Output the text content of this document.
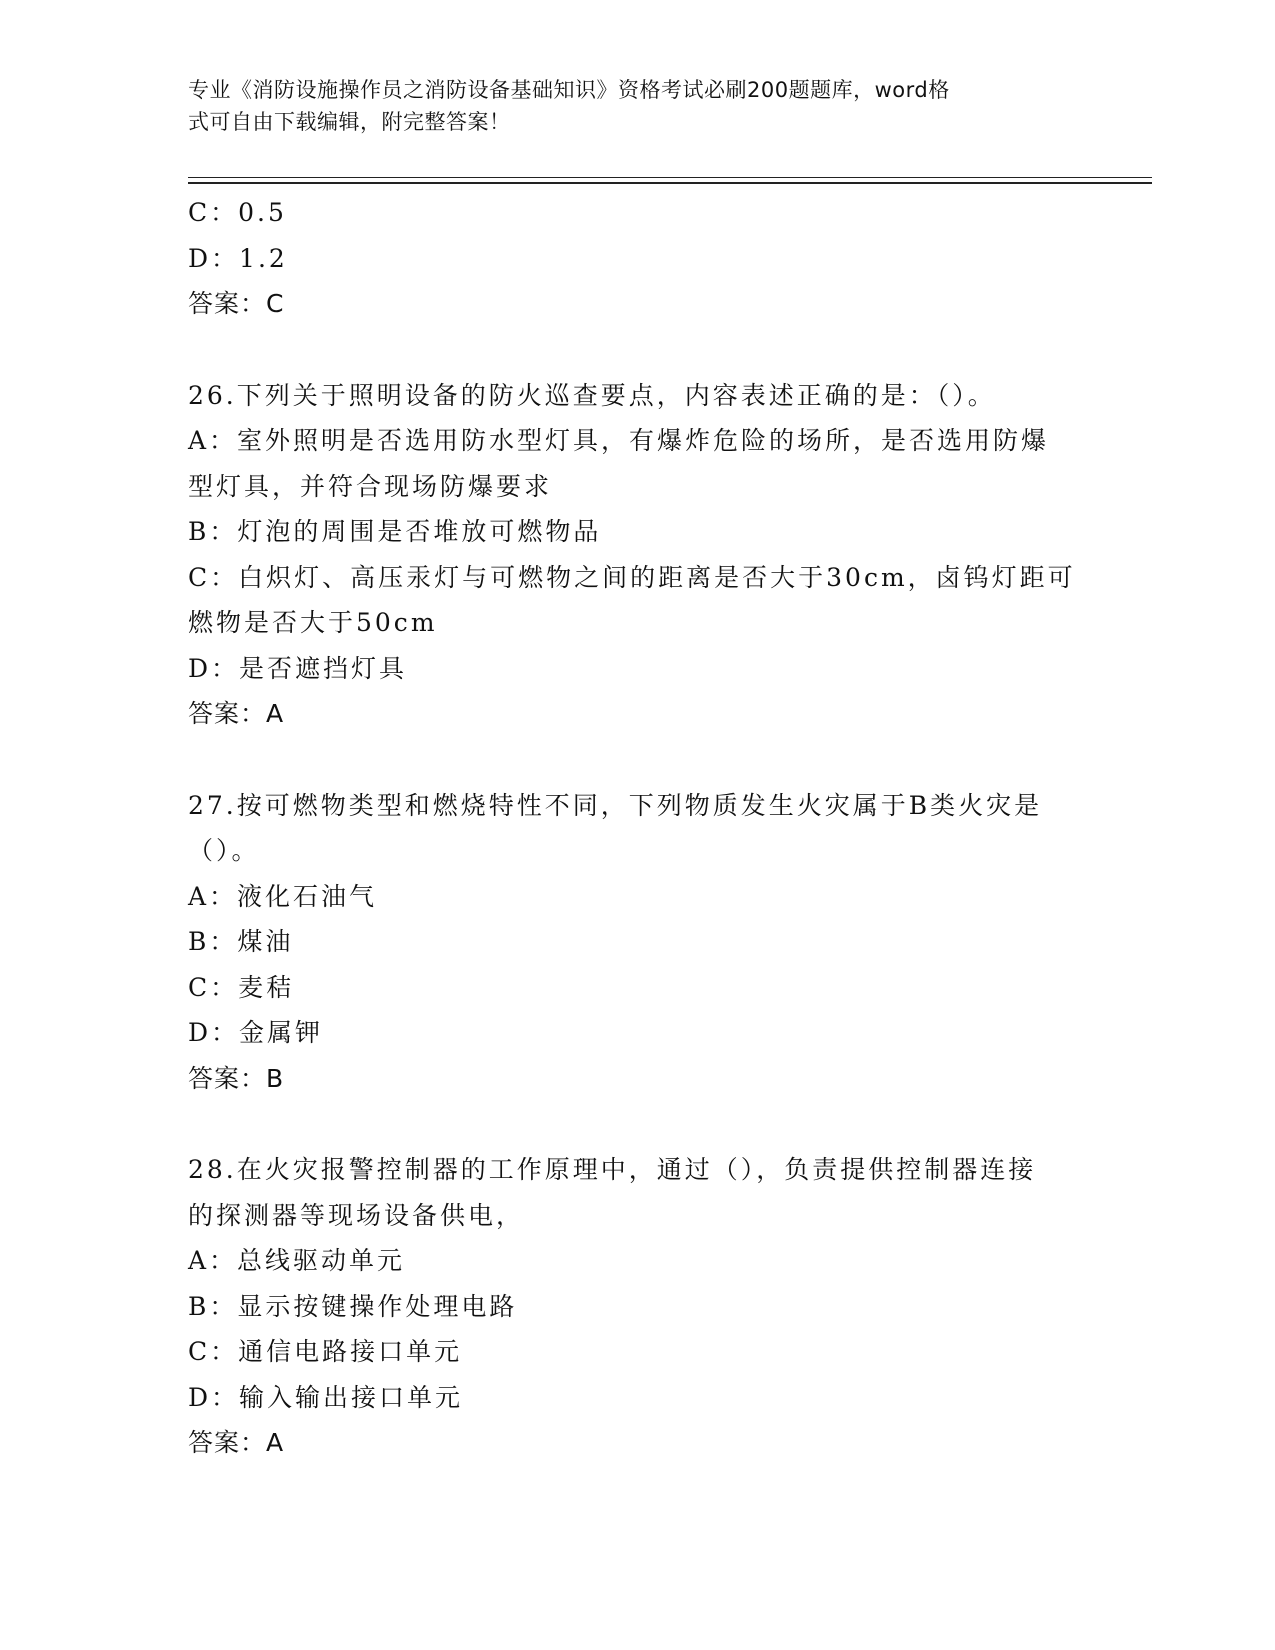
专业《消防设施操作员之消防设备基础知识》资格考试必刷200题题库，word格
式可自由下载编辑，附完整答案！
C：0.5
D：1.2
答案：C
26.下列关于照明设备的防火巡查要点，内容表述正确的是：（）。
A：室外照明是否选用防水型灯具，有爆炸危险的场所，是否选用防爆
型灯具，并符合现场防爆要求
B：灯泡的周围是否堆放可燃物品
C：白炽灯、高压汞灯与可燃物之间的距离是否大于30cm，卤钨灯距可
燃物是否大于50cm
D：是否遮挡灯具
答案：A
27.按可燃物类型和燃烧特性不同，下列物质发生火灾属于B类火灾是
（）。
A：液化石油气
B：煤油
C：麦秸
D：金属钾
答案：B
28.在火灾报警控制器的工作原理中，通过（），负责提供控制器连接
的探测器等现场设备供电，
A：总线驱动单元
B：显示按键操作处理电路
C：通信电路接口单元
D：输入输出接口单元
答案：A
